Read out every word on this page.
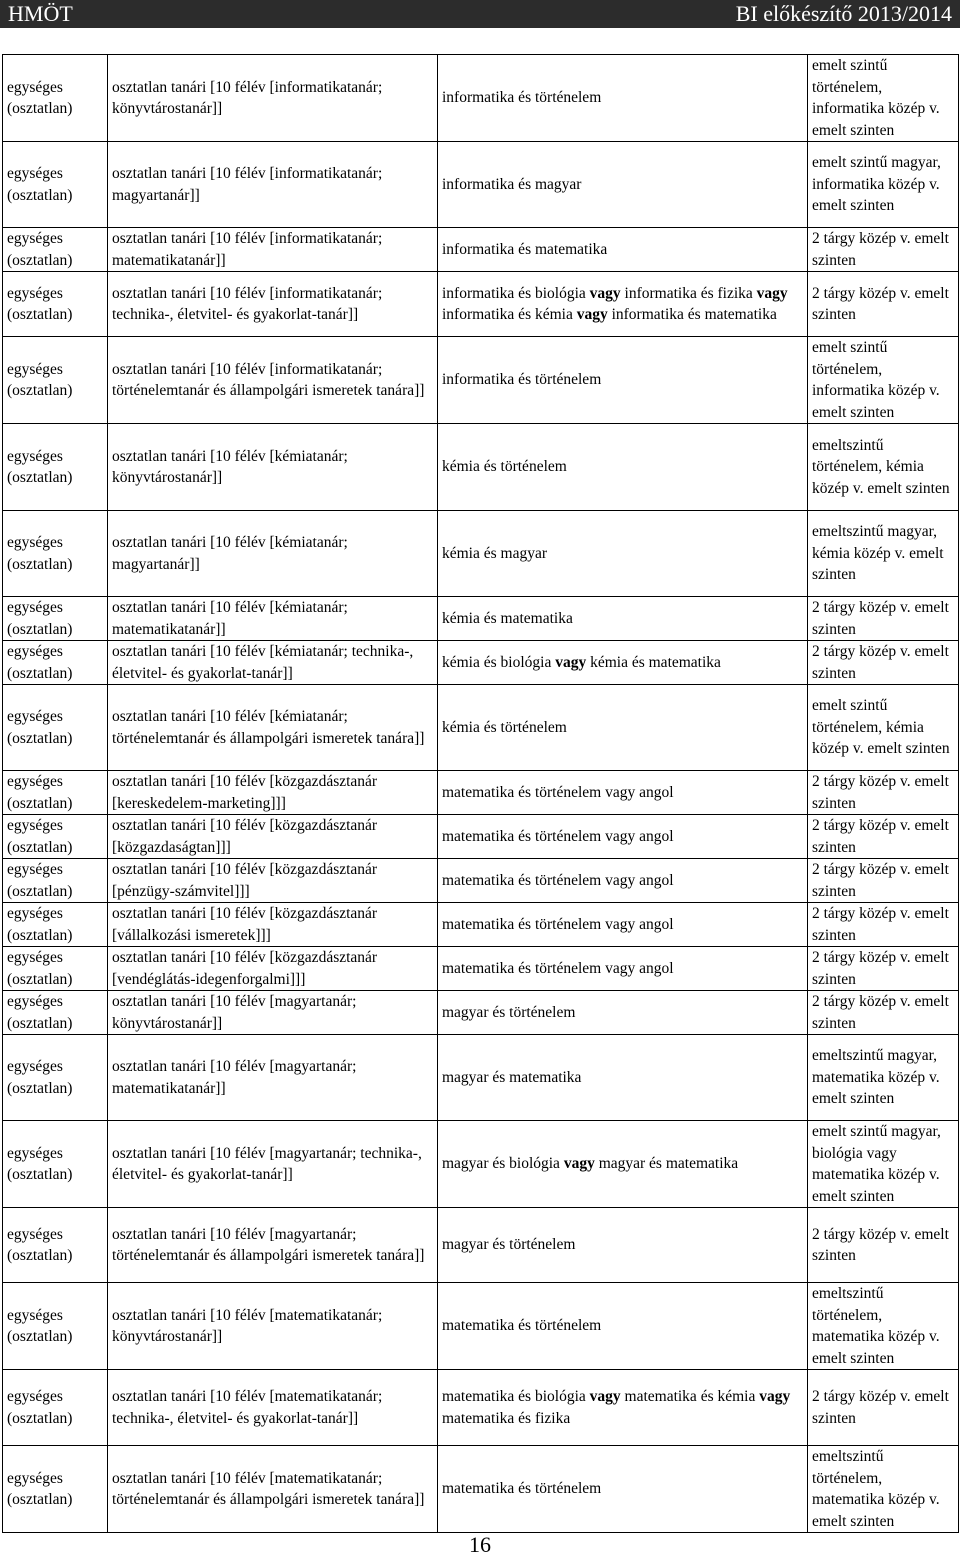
HMÖT	BI előkészítő 2013/2014
egységes (osztatlan)	osztatlan tanári [10 félév [informatikatanár; könyvtárostanár]]	informatika és történelem	emelt szintű történelem, informatika közép v. emelt szinten
egységes (osztatlan)	osztatlan tanári [10 félév [informatikatanár; magyartanár]]	informatika és magyar	emelt szintű magyar, informatika közép v. emelt szinten
egységes (osztatlan)	osztatlan tanári [10 félév [informatikatanár; matematikatanár]]	informatika és matematika	2 tárgy közép v. emelt szinten
egységes (osztatlan)	osztatlan tanári [10 félév [informatikatanár; technika-, életvitel- és gyakorlat-tanár]]	informatika és biológia vagy informatika és fizika vagy informatika és kémia vagy informatika és matematika	2 tárgy közép v. emelt szinten
egységes (osztatlan)	osztatlan tanári [10 félév [informatikatanár; történelemtanár és állampolgári ismeretek tanára]]	informatika és történelem	emelt szintű történelem, informatika közép v. emelt szinten
egységes (osztatlan)	osztatlan tanári [10 félév [kémiatanár; könyvtárostanár]]	kémia és történelem	emeltszintű történelem, kémia közép v. emelt szinten
egységes (osztatlan)	osztatlan tanári [10 félév [kémiatanár; magyartanár]]	kémia és magyar	emeltszintű magyar, kémia közép v. emelt szinten
egységes (osztatlan)	osztatlan tanári [10 félév [kémiatanár; matematikatanár]]	kémia és matematika	2 tárgy közép v. emelt szinten
egységes (osztatlan)	osztatlan tanári [10 félév [kémiatanár; technika-, életvitel- és gyakorlat-tanár]]	kémia és biológia vagy kémia és matematika	2 tárgy közép v. emelt szinten
egységes (osztatlan)	osztatlan tanári [10 félév [kémiatanár; történelemtanár és állampolgári ismeretek tanára]]	kémia és történelem	emelt szintű történelem, kémia közép v. emelt szinten
egységes (osztatlan)	osztatlan tanári [10 félév [közgazdásztanár [kereskedelem-marketing]]]	matematika és történelem vagy angol	2 tárgy közép v. emelt szinten
egységes (osztatlan)	osztatlan tanári [10 félév [közgazdásztanár [közgazdaságtan]]]	matematika és történelem vagy angol	2 tárgy közép v. emelt szinten
egységes (osztatlan)	osztatlan tanári [10 félév [közgazdásztanár [pénzügy-számvitel]]]	matematika és történelem vagy angol	2 tárgy közép v. emelt szinten
egységes (osztatlan)	osztatlan tanári [10 félév [közgazdásztanár [vállalkozási ismeretek]]]	matematika és történelem vagy angol	2 tárgy közép v. emelt szinten
egységes (osztatlan)	osztatlan tanári [10 félév [közgazdásztanár [vendéglátás-idegenforgalmi]]]	matematika és történelem vagy angol	2 tárgy közép v. emelt szinten
egységes (osztatlan)	osztatlan tanári [10 félév [magyartanár; könyvtárostanár]]	magyar és történelem	2 tárgy közép v. emelt szinten
egységes (osztatlan)	osztatlan tanári [10 félév [magyartanár; matematikatanár]]	magyar és matematika	emeltszintű magyar, matematika közép v. emelt szinten
egységes (osztatlan)	osztatlan tanári [10 félév [magyartanár; technika-, életvitel- és gyakorlat-tanár]]	magyar és biológia vagy magyar és matematika	emelt szintű magyar, biológia vagy matematika közép v. emelt szinten
egységes (osztatlan)	osztatlan tanári [10 félév [magyartanár; történelemtanár és állampolgári ismeretek tanára]]	magyar és történelem	2 tárgy közép v. emelt szinten
egységes (osztatlan)	osztatlan tanári [10 félév [matematikatanár; könyvtárostanár]]	matematika és történelem	emeltszintű történelem, matematika közép v. emelt szinten
egységes (osztatlan)	osztatlan tanári [10 félév [matematikatanár; technika-, életvitel- és gyakorlat-tanár]]	matematika és biológia vagy matematika és kémia vagy matematika és fizika	2 tárgy közép v. emelt szinten
egységes (osztatlan)	osztatlan tanári [10 félév [matematikatanár; történelemtanár és állampolgári ismeretek tanára]]	matematika és történelem	emeltszintű történelem, matematika közép v. emelt szinten
16
